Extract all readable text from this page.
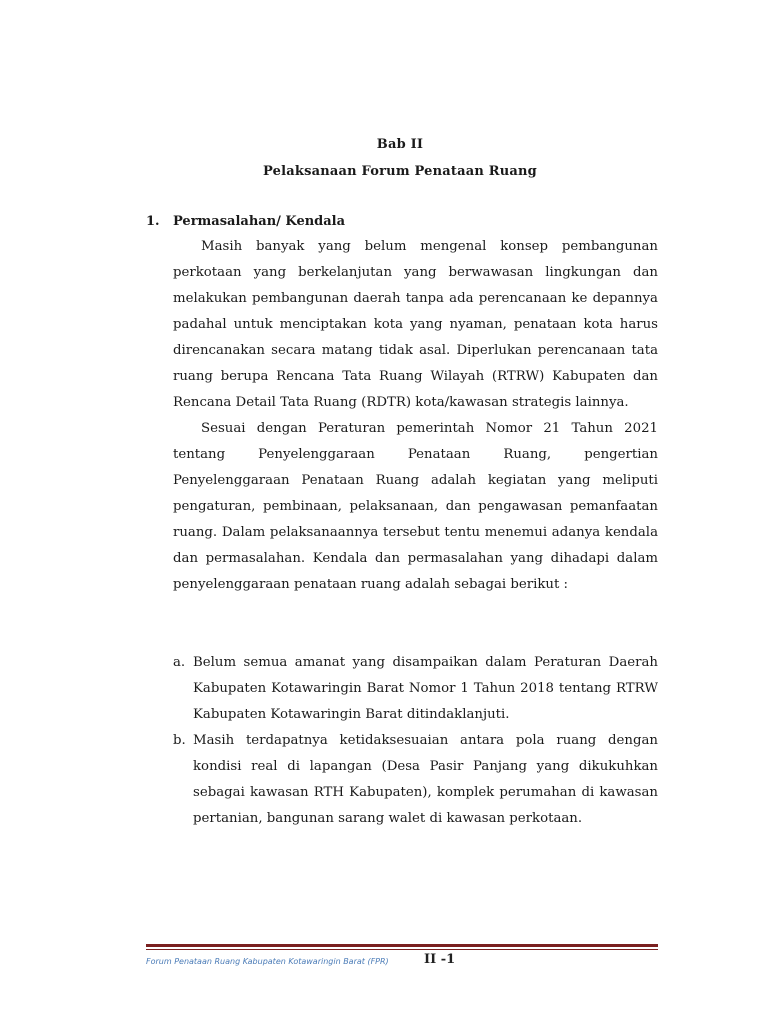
Bab II
Pelaksanaan Forum Penataan Ruang
1. Permasalahan/ Kendala

Masih banyak yang belum mengenal konsep pembangunan perkotaan yang berkelanjutan yang berwawasan lingkungan dan melakukan pembangunan daerah tanpa ada perencanaan ke depannya padahal untuk menciptakan kota yang nyaman, penataan kota harus direncanakan secara matang tidak asal. Diperlukan perencanaan tata ruang berupa Rencana Tata Ruang Wilayah (RTRW) Kabupaten dan Rencana Detail Tata Ruang (RDTR) kota/kawasan strategis lainnya.

Sesuai dengan Peraturan pemerintah Nomor 21 Tahun 2021 tentang Penyelenggaraan Penataan Ruang, pengertian Penyelenggaraan Penataan Ruang adalah kegiatan yang meliputi pengaturan, pembinaan, pelaksanaan, dan pengawasan pemanfaatan ruang. Dalam pelaksanaannya tersebut tentu menemui adanya kendala dan permasalahan. Kendala dan permasalahan yang dihadapi dalam penyelenggaraan penataan ruang adalah sebagai berikut :

a. Belum semua amanat yang disampaikan dalam Peraturan Daerah Kabupaten Kotawaringin Barat Nomor 1 Tahun 2018 tentang RTRW Kabupaten Kotawaringin Barat ditindaklanjuti.
b. Masih terdapatnya ketidaksesuaian antara pola ruang dengan kondisi real di lapangan (Desa Pasir Panjang yang dikukuhkan sebagai kawasan RTH Kabupaten), komplek perumahan di kawasan pertanian, bangunan sarang walet di kawasan perkotaan.
Forum Penataan Ruang Kabupaten Kotawaringin Barat (FPR)	II -1
